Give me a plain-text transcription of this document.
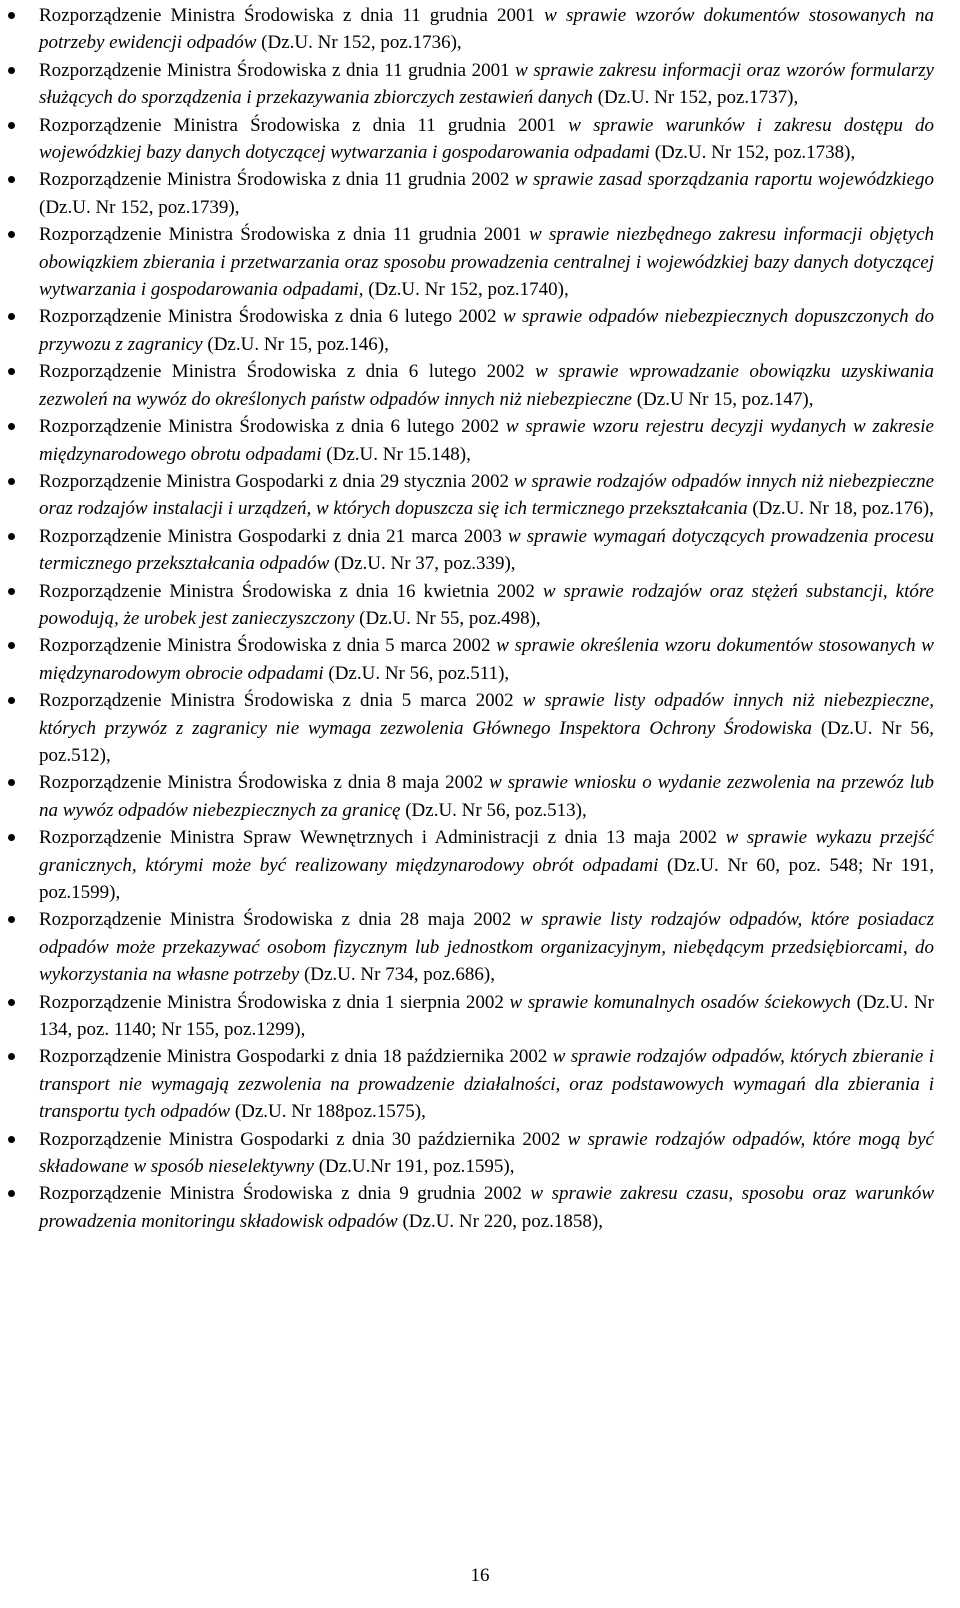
Rozporządzenie Ministra Środowiska z dnia 11 grudnia 2001 w sprawie wzorów dokumentów stosowanych na potrzeby ewidencji odpadów (Dz.U. Nr 152, poz.1736),
Rozporządzenie Ministra Środowiska z dnia 11 grudnia 2001 w sprawie zakresu informacji oraz wzorów formularzy służących do sporządzenia i przekazywania zbiorczych zestawień danych (Dz.U. Nr 152, poz.1737),
Rozporządzenie Ministra Środowiska z dnia 11 grudnia 2001 w sprawie warunków i zakresu dostępu do wojewódzkiej bazy danych dotyczącej wytwarzania i gospodarowania odpadami (Dz.U. Nr 152, poz.1738),
Rozporządzenie Ministra Środowiska z dnia 11 grudnia 2002 w sprawie zasad sporządzania raportu wojewódzkiego (Dz.U. Nr 152, poz.1739),
Rozporządzenie Ministra Środowiska z dnia 11 grudnia 2001 w sprawie niezbędnego zakresu informacji objętych obowiązkiem zbierania i przetwarzania oraz sposobu prowadzenia centralnej i wojewódzkiej bazy danych dotyczącej wytwarzania i gospodarowania odpadami, (Dz.U. Nr 152, poz.1740),
Rozporządzenie Ministra Środowiska z dnia 6 lutego 2002 w sprawie odpadów niebezpiecznych dopuszczonych do przywozu z zagranicy (Dz.U. Nr 15, poz.146),
Rozporządzenie Ministra Środowiska z dnia 6 lutego 2002 w sprawie wprowadzanie obowiązku uzyskiwania zezwoleń na wywóz do określonych państw odpadów innych niż niebezpieczne (Dz.U Nr 15, poz.147),
Rozporządzenie Ministra Środowiska z dnia 6 lutego 2002 w sprawie wzoru rejestru decyzji wydanych w zakresie międzynarodowego obrotu odpadami (Dz.U. Nr 15.148),
Rozporządzenie Ministra Gospodarki z dnia 29 stycznia 2002 w sprawie rodzajów odpadów innych niż niebezpieczne oraz rodzajów instalacji i urządzeń, w których dopuszcza się ich termicznego przekształcania (Dz.U. Nr 18, poz.176),
Rozporządzenie Ministra Gospodarki z dnia 21 marca 2003 w sprawie wymagań dotyczących prowadzenia procesu termicznego przekształcania odpadów (Dz.U. Nr 37, poz.339),
Rozporządzenie Ministra Środowiska z dnia 16 kwietnia 2002 w sprawie rodzajów oraz stężeń substancji, które powodują, że urobek jest zanieczyszczony (Dz.U. Nr 55, poz.498),
Rozporządzenie Ministra Środowiska z dnia 5 marca 2002 w sprawie określenia wzoru dokumentów stosowanych w międzynarodowym obrocie odpadami (Dz.U. Nr 56, poz.511),
Rozporządzenie Ministra Środowiska z dnia 5 marca 2002 w sprawie listy odpadów innych niż niebezpieczne, których przywóz z zagranicy nie wymaga zezwolenia Głównego Inspektora Ochrony Środowiska (Dz.U. Nr 56, poz.512),
Rozporządzenie Ministra Środowiska z dnia 8 maja 2002 w sprawie wniosku o wydanie zezwolenia na przewóz lub na wywóz odpadów niebezpiecznych za granicę (Dz.U. Nr 56, poz.513),
Rozporządzenie Ministra Spraw Wewnętrznych i Administracji z dnia 13 maja 2002 w sprawie wykazu przejść granicznych, którymi może być realizowany międzynarodowy obrót odpadami (Dz.U. Nr 60, poz. 548; Nr 191, poz.1599),
Rozporządzenie Ministra Środowiska z dnia 28 maja 2002 w sprawie listy rodzajów odpadów, które posiadacz odpadów może przekazywać osobom fizycznym lub jednostkom organizacyjnym, niebędącym przedsiębiorcami, do wykorzystania na własne potrzeby (Dz.U. Nr 734, poz.686),
Rozporządzenie Ministra Środowiska z dnia 1 sierpnia 2002 w sprawie komunalnych osadów ściekowych (Dz.U. Nr 134, poz. 1140; Nr 155, poz.1299),
Rozporządzenie Ministra Gospodarki z dnia 18 października 2002 w sprawie rodzajów odpadów, których zbieranie i transport nie wymagają zezwolenia na prowadzenie działalności, oraz podstawowych wymagań dla zbierania i transportu tych odpadów (Dz.U. Nr 188poz.1575),
Rozporządzenie Ministra Gospodarki z dnia 30 października 2002 w sprawie rodzajów odpadów, które mogą być składowane w sposób nieselektywny (Dz.U.Nr 191, poz.1595),
Rozporządzenie Ministra Środowiska z dnia 9 grudnia 2002 w sprawie zakresu czasu, sposobu oraz warunków prowadzenia monitoringu składowisk odpadów (Dz.U. Nr 220, poz.1858),
16
